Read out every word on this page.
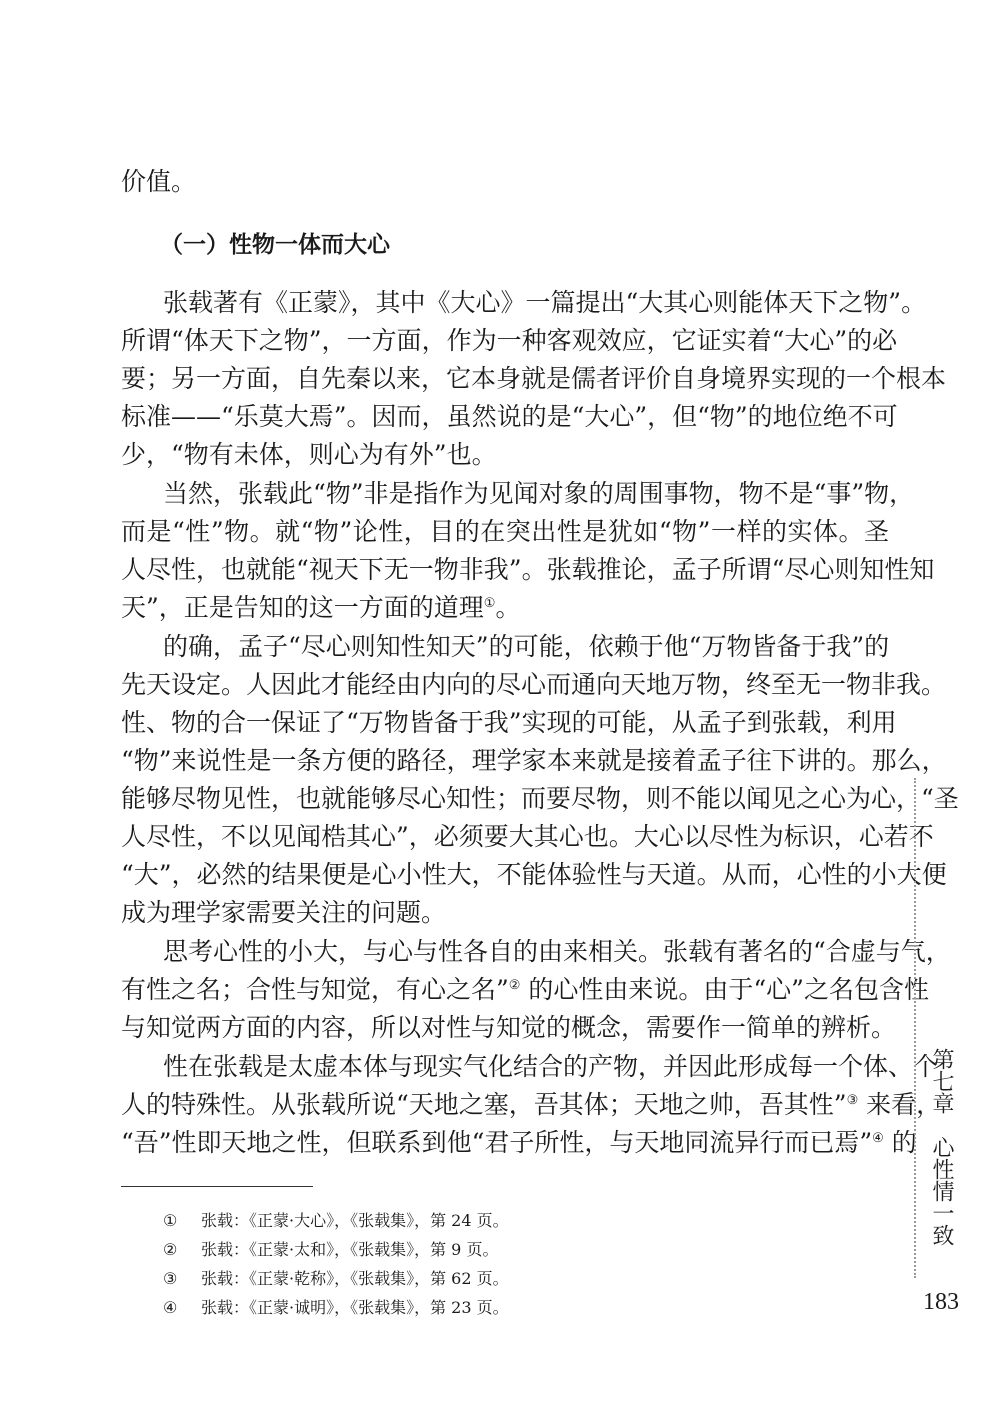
价值。
（一）性物一体而大心
张载著有《正蒙》，其中《大心》一篇提出“大其心则能体天下之物”。
所谓“体天下之物”，一方面，作为一种客观效应，它证实着“大心”的必
要；另一方面，自先秦以来，它本身就是儒者评价自身境界实现的一个根本
标准——“乐莫大焉”。因而，虽然说的是“大心”，但“物”的地位绝不可
少，“物有未体，则心为有外”也。
当然，张载此“物”非是指作为见闻对象的周围事物，物不是“事”物，
而是“性”物。就“物”论性，目的在突出性是犹如“物”一样的实体。圣
人尽性，也就能“视天下无一物非我”。张载推论，孟子所谓“尽心则知性知
天”，正是告知的这一方面的道理①。
的确，孟子“尽心则知性知天”的可能，依赖于他“万物皆备于我”的
先天设定。人因此才能经由内向的尽心而通向天地万物，终至无一物非我。
性、物的合一保证了“万物皆备于我”实现的可能，从孟子到张载，利用
“物”来说性是一条方便的路径，理学家本来就是接着孟子往下讲的。那么，
能够尽物见性，也就能够尽心知性；而要尽物，则不能以闻见之心为心，“圣
人尽性，不以见闻梏其心”，必须要大其心也。大心以尽性为标识，心若不
“大”，必然的结果便是心小性大，不能体验性与天道。从而，心性的小大便
成为理学家需要关注的问题。
思考心性的小大，与心与性各自的由来相关。张载有著名的“合虚与气，
有性之名；合性与知觉，有心之名”② 的心性由来说。由于“心”之名包含性
与知觉两方面的内容，所以对性与知觉的概念，需要作一简单的辨析。
性在张载是太虚本体与现实气化结合的产物，并因此形成每一个体、个
人的特殊性。从张载所说“天地之塞，吾其体；天地之帅，吾其性”③ 来看，
“吾”性即天地之性，但联系到他“君子所性，与天地同流异行而已焉”④ 的
① 张载：《正蒙·大心》，《张载集》，第 24 页。
② 张载：《正蒙·太和》，《张载集》，第 9 页。
③ 张载：《正蒙·乾称》，《张载集》，第 62 页。
④ 张载：《正蒙·诚明》，《张载集》，第 23 页。
第七章　心性情一致
183
